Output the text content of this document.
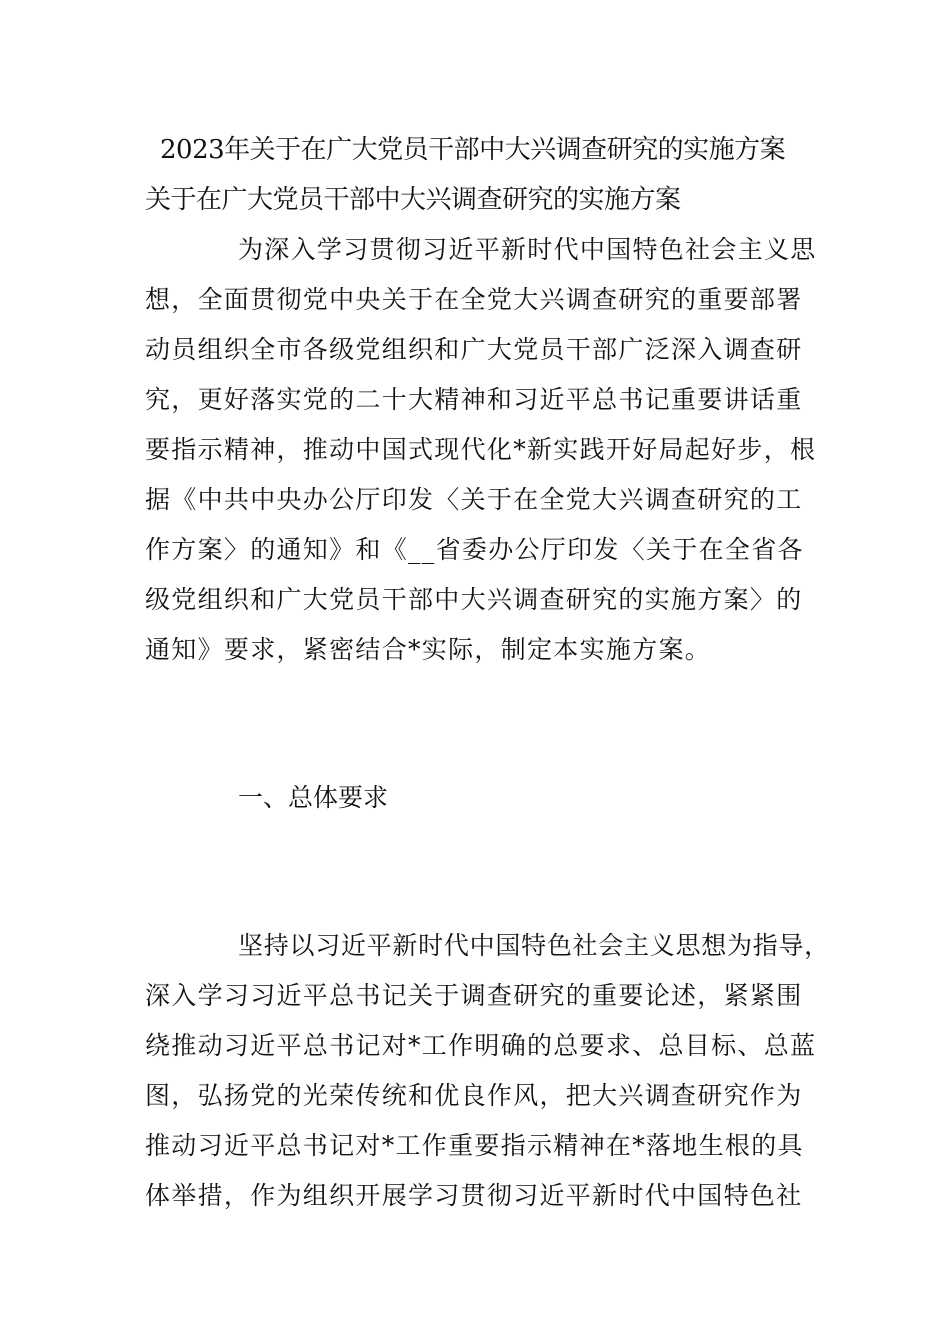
2023年关于在广大党员干部中大兴调查研究的实施方案
关于在广大党员干部中大兴调查研究的实施方案
为深入学习贯彻习近平新时代中国特色社会主义思
想，全面贯彻党中央关于在全党大兴调查研究的重要部署
动员组织全市各级党组织和广大党员干部广泛深入调查研
究，更好落实党的二十大精神和习近平总书记重要讲话重
要指示精神，推动中国式现代化*新实践开好局起好步，根
据《中共中央办公厅印发〈关于在全党大兴调查研究的工
作方案〉的通知》和《__省委办公厅印发〈关于在全省各
级党组织和广大党员干部中大兴调查研究的实施方案〉的
通知》要求，紧密结合*实际，制定本实施方案。
一、总体要求
坚持以习近平新时代中国特色社会主义思想为指导，
深入学习习近平总书记关于调查研究的重要论述，紧紧围
绕推动习近平总书记对*工作明确的总要求、总目标、总蓝
图，弘扬党的光荣传统和优良作风，把大兴调查研究作为
推动习近平总书记对*工作重要指示精神在*落地生根的具
体举措，作为组织开展学习贯彻习近平新时代中国特色社
